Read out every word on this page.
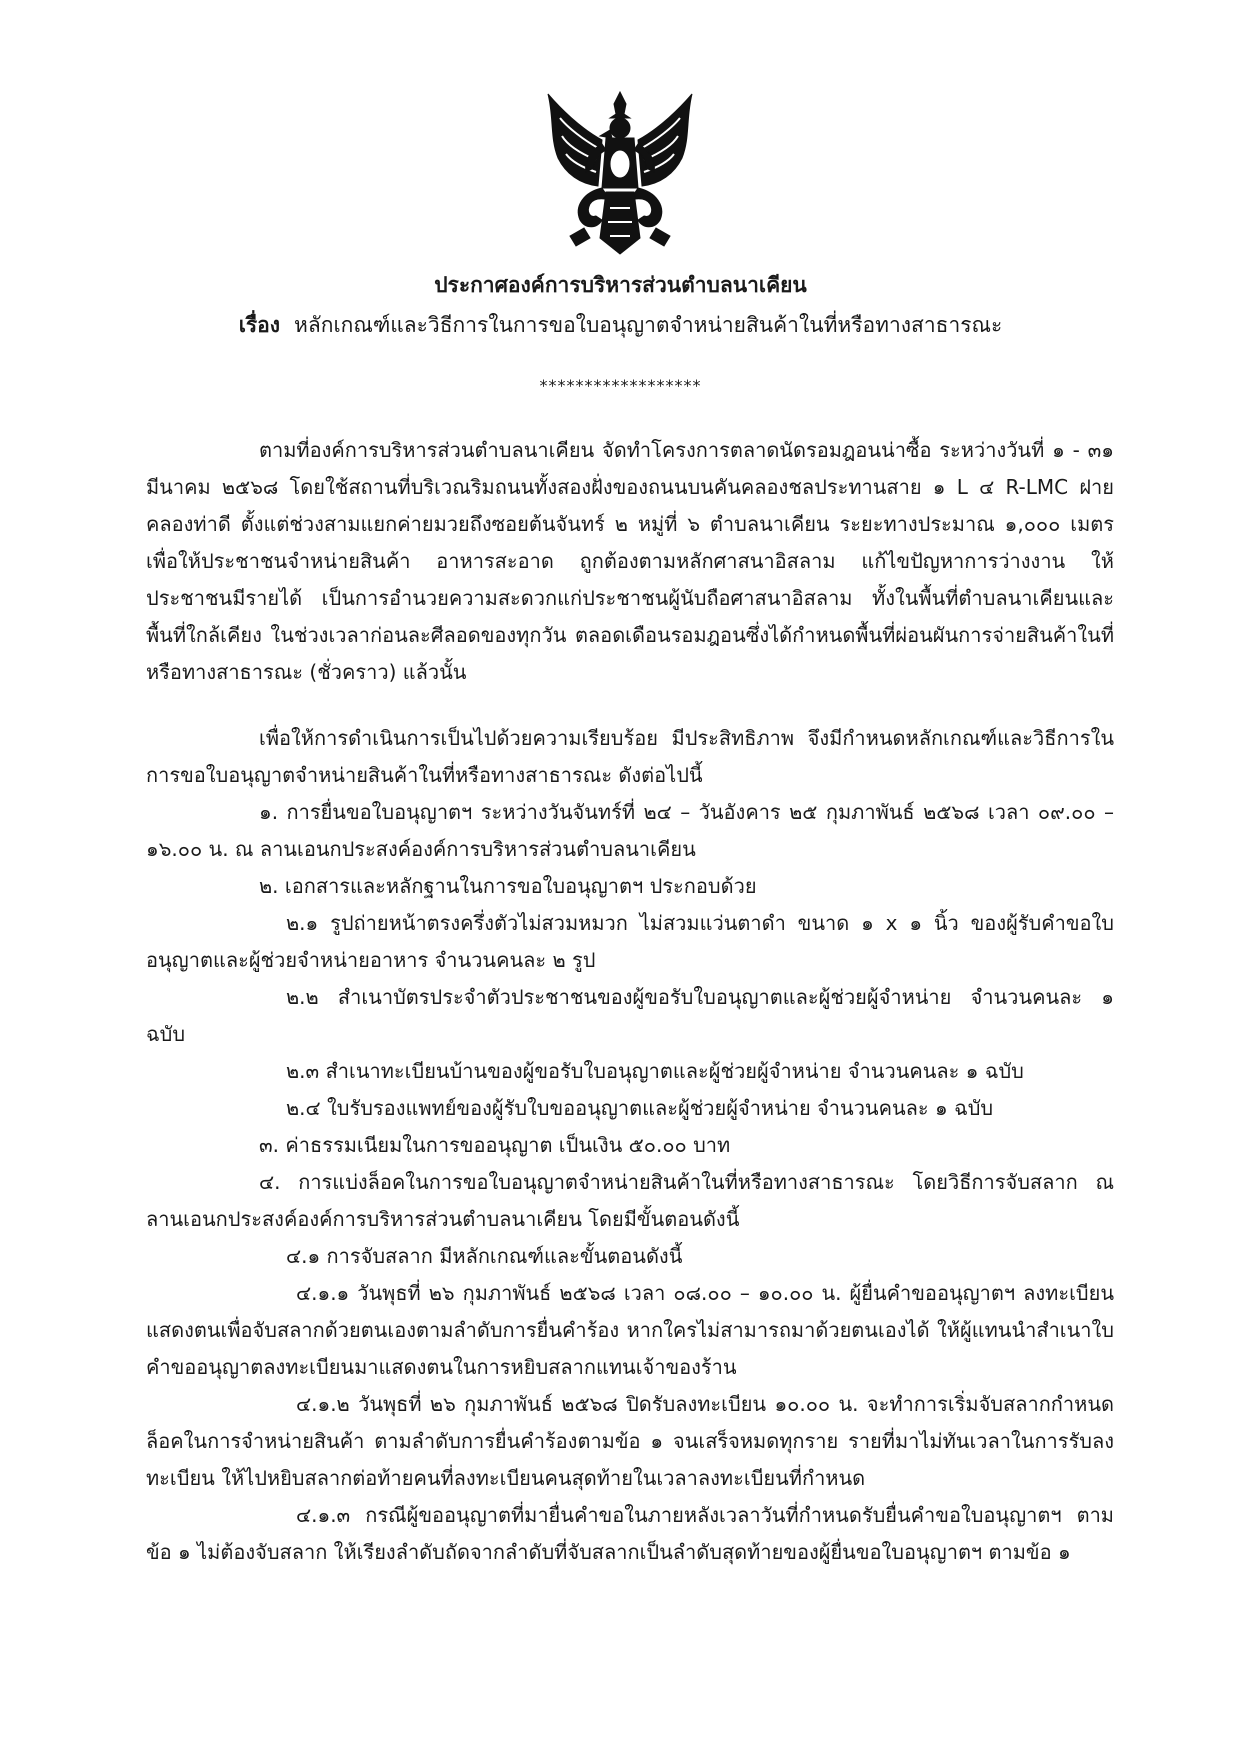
ประกาศองค์การบริหารส่วนตำบลนาเคียน
เรื่อง หลักเกณฑ์และวิธีการในการขอใบอนุญาตจำหน่ายสินค้าในที่หรือทางสาธารณะ
******************
ตามที่องค์การบริหารส่วนตำบลนาเคียน จัดทำโครงการตลาดนัดรอมฎอนน่าซื้อ ระหว่างวันที่ ๑ - ๓๑ มีนาคม ๒๕๖๘ โดยใช้สถานที่บริเวณริมถนนทั้งสองฝั่งของถนนบนคันคลองชลประทานสาย ๑ L ๔ R-LMC ฝายคลองท่าดี ตั้งแต่ช่วงสามแยกค่ายมวยถึงซอยต้นจันทร์ ๒ หมู่ที่ ๖ ตำบลนาเคียน ระยะทางประมาณ ๑,๐๐๐ เมตร เพื่อให้ประชาชนจำหน่ายสินค้า อาหารสะอาด ถูกต้องตามหลักศาสนาอิสลาม แก้ไขปัญหาการว่างงาน ให้ประชาชนมีรายได้ เป็นการอำนวยความสะดวกแก่ประชาชนผู้นับถือศาสนาอิสลาม ทั้งในพื้นที่ตำบลนาเคียนและพื้นที่ใกล้เคียง ในช่วงเวลาก่อนละศีลอดของทุกวัน ตลอดเดือนรอมฎอนซึ่งได้กำหนดพื้นที่ผ่อนผันการจ่ายสินค้าในที่หรือทางสาธารณะ (ชั่วคราว) แล้วนั้น
เพื่อให้การดำเนินการเป็นไปด้วยความเรียบร้อย มีประสิทธิภาพ จึงมีกำหนดหลักเกณฑ์และวิธีการในการขอใบอนุญาตจำหน่ายสินค้าในที่หรือทางสาธารณะ ดังต่อไปนี้
๑. การยื่นขอใบอนุญาตฯ ระหว่างวันจันทร์ที่ ๒๔ – วันอังคาร ๒๕ กุมภาพันธ์ ๒๕๖๘ เวลา ๐๙.๐๐ – ๑๖.๐๐ น. ณ ลานเอนกประสงค์องค์การบริหารส่วนตำบลนาเคียน
๒. เอกสารและหลักฐานในการขอใบอนุญาตฯ ประกอบด้วย
๒.๑ รูปถ่ายหน้าตรงครึ่งตัวไม่สวมหมวก ไม่สวมแว่นตาดำ ขนาด ๑ x ๑ นิ้ว ของผู้รับคำขอใบอนุญาตและผู้ช่วยจำหน่ายอาหาร จำนวนคนละ ๒ รูป
๒.๒ สำเนาบัตรประจำตัวประชาชนของผู้ขอรับใบอนุญาตและผู้ช่วยผู้จำหน่าย จำนวนคนละ ๑ ฉบับ
๒.๓ สำเนาทะเบียนบ้านของผู้ขอรับใบอนุญาตและผู้ช่วยผู้จำหน่าย จำนวนคนละ ๑ ฉบับ
๒.๔ ใบรับรองแพทย์ของผู้รับใบขออนุญาตและผู้ช่วยผู้จำหน่าย จำนวนคนละ ๑ ฉบับ
๓. ค่าธรรมเนียมในการขออนุญาต เป็นเงิน ๕๐.๐๐ บาท
๔. การแบ่งล็อคในการขอใบอนุญาตจำหน่ายสินค้าในที่หรือทางสาธารณะ โดยวิธีการจับสลาก ณ ลานเอนกประสงค์องค์การบริหารส่วนตำบลนาเคียน โดยมีขั้นตอนดังนี้
๔.๑ การจับสลาก มีหลักเกณฑ์และขั้นตอนดังนี้
๔.๑.๑ วันพุธที่ ๒๖ กุมภาพันธ์ ๒๕๖๘ เวลา ๐๘.๐๐ – ๑๐.๐๐ น. ผู้ยื่นคำขออนุญาตฯ ลงทะเบียนแสดงตนเพื่อจับสลากด้วยตนเองตามลำดับการยื่นคำร้อง หากใครไม่สามารถมาด้วยตนเองได้ ให้ผู้แทนนำสำเนาใบคำขออนุญาตลงทะเบียนมาแสดงตนในการหยิบสลากแทนเจ้าของร้าน
๔.๑.๒ วันพุธที่ ๒๖ กุมภาพันธ์ ๒๕๖๘ ปิดรับลงทะเบียน ๑๐.๐๐ น. จะทำการเริ่มจับสลากกำหนดล็อคในการจำหน่ายสินค้า ตามลำดับการยื่นคำร้องตามข้อ ๑ จนเสร็จหมดทุกราย รายที่มาไม่ทันเวลาในการรับลงทะเบียน ให้ไปหยิบสลากต่อท้ายคนที่ลงทะเบียนคนสุดท้ายในเวลาลงทะเบียนที่กำหนด
๔.๑.๓ กรณีผู้ขออนุญาตที่มายื่นคำขอในภายหลังเวลาวันที่กำหนดรับยื่นคำขอใบอนุญาตฯ ตามข้อ ๑ ไม่ต้องจับสลาก ให้เรียงลำดับถัดจากลำดับที่จับสลากเป็นลำดับสุดท้ายของผู้ยื่นขอใบอนุญาตฯ ตามข้อ ๑
